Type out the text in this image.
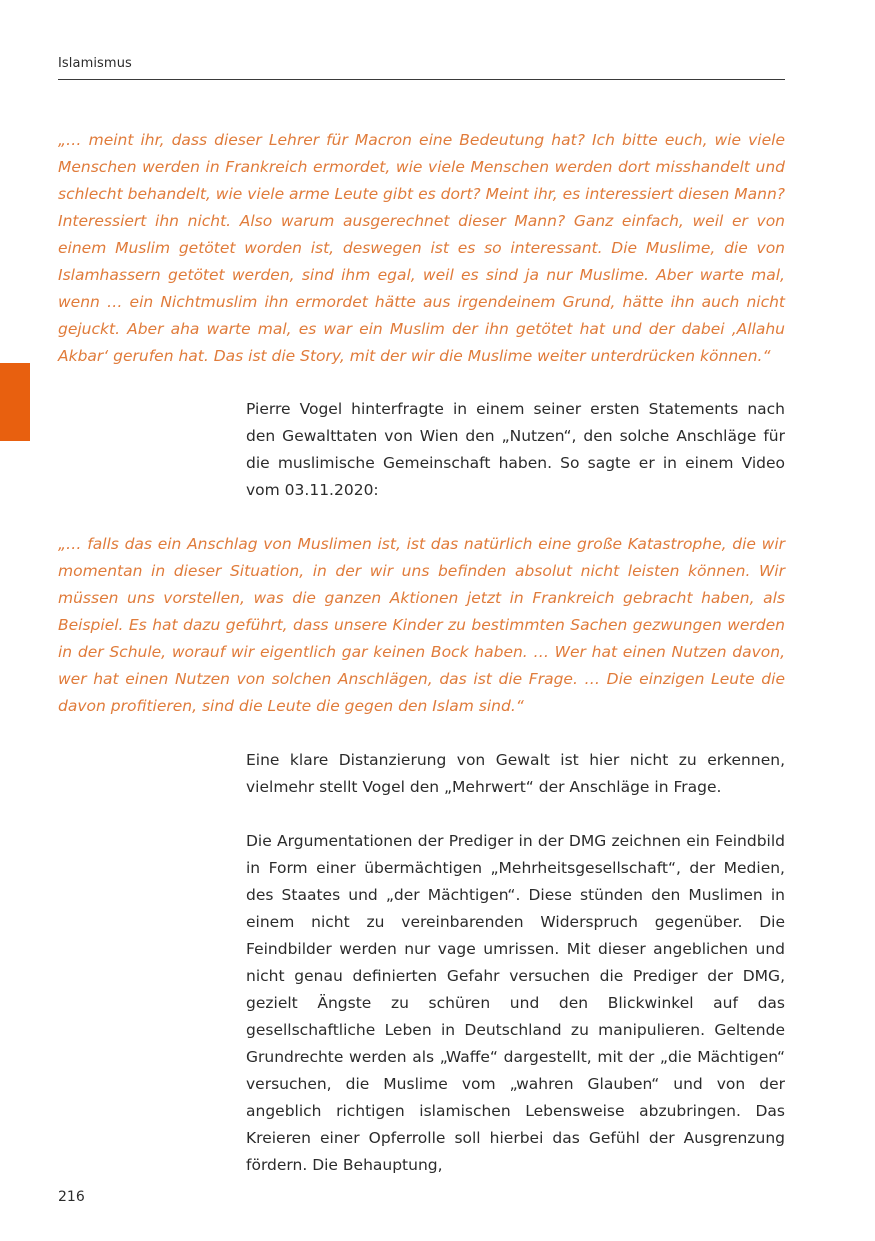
Islamismus

„… meint ihr, dass dieser Lehrer für Macron eine Bedeutung hat? Ich bitte euch, wie viele Menschen werden in Frankreich ermordet, wie viele Menschen werden dort misshandelt und schlecht behandelt, wie viele arme Leute gibt es dort? Meint ihr, es interessiert diesen Mann? Interessiert ihn nicht. Also warum ausgerechnet dieser Mann? Ganz einfach, weil er von einem Muslim getötet worden ist, deswegen ist es so interessant. Die Muslime, die von Islamhassern getötet werden, sind ihm egal, weil es sind ja nur Muslime. Aber warte mal, wenn … ein Nichtmuslim ihn ermordet hätte aus irgendeinem Grund, hätte ihn auch nicht gejuckt. Aber aha warte mal, es war ein Muslim der ihn getötet hat und der dabei ‚Allahu Akbar‘ gerufen hat. Das ist die Story, mit der wir die Muslime weiter unterdrücken können.“

Pierre Vogel hinterfragte in einem seiner ersten Statements nach den Gewalttaten von Wien den „Nutzen“, den solche Anschläge für die muslimische Gemeinschaft haben. So sagte er in einem Video vom 03.11.2020:

„… falls das ein Anschlag von Muslimen ist, ist das natürlich eine große Katastrophe, die wir momentan in dieser Situation, in der wir uns befinden absolut nicht leisten können. Wir müssen uns vorstellen, was die ganzen Aktionen jetzt in Frankreich gebracht haben, als Beispiel. Es hat dazu geführt, dass unsere Kinder zu bestimmten Sachen gezwungen werden in der Schule, worauf wir eigentlich gar keinen Bock haben. … Wer hat einen Nutzen davon, wer hat einen Nutzen von solchen Anschlägen, das ist die Frage. … Die einzigen Leute die davon profitieren, sind die Leute die gegen den Islam sind.“

Eine klare Distanzierung von Gewalt ist hier nicht zu erkennen, vielmehr stellt Vogel den „Mehrwert“ der Anschläge in Frage.

Die Argumentationen der Prediger in der DMG zeichnen ein Feindbild in Form einer übermächtigen „Mehrheitsgesellschaft“, der Medien, des Staates und „der Mächtigen“. Diese stünden den Muslimen in einem nicht zu vereinbarenden Widerspruch gegenüber. Die Feindbilder werden nur vage umrissen. Mit dieser angeblichen und nicht genau definierten Gefahr versuchen die Prediger der DMG, gezielt Ängste zu schüren und den Blickwinkel auf das gesellschaftliche Leben in Deutschland zu manipulieren. Geltende Grundrechte werden als „Waffe“ dargestellt, mit der „die Mächtigen“ versuchen, die Muslime vom „wahren Glauben“ und von der angeblich richtigen islamischen Lebensweise abzubringen. Das Kreieren einer Opferrolle soll hierbei das Gefühl der Ausgrenzung fördern. Die Behauptung,

216
